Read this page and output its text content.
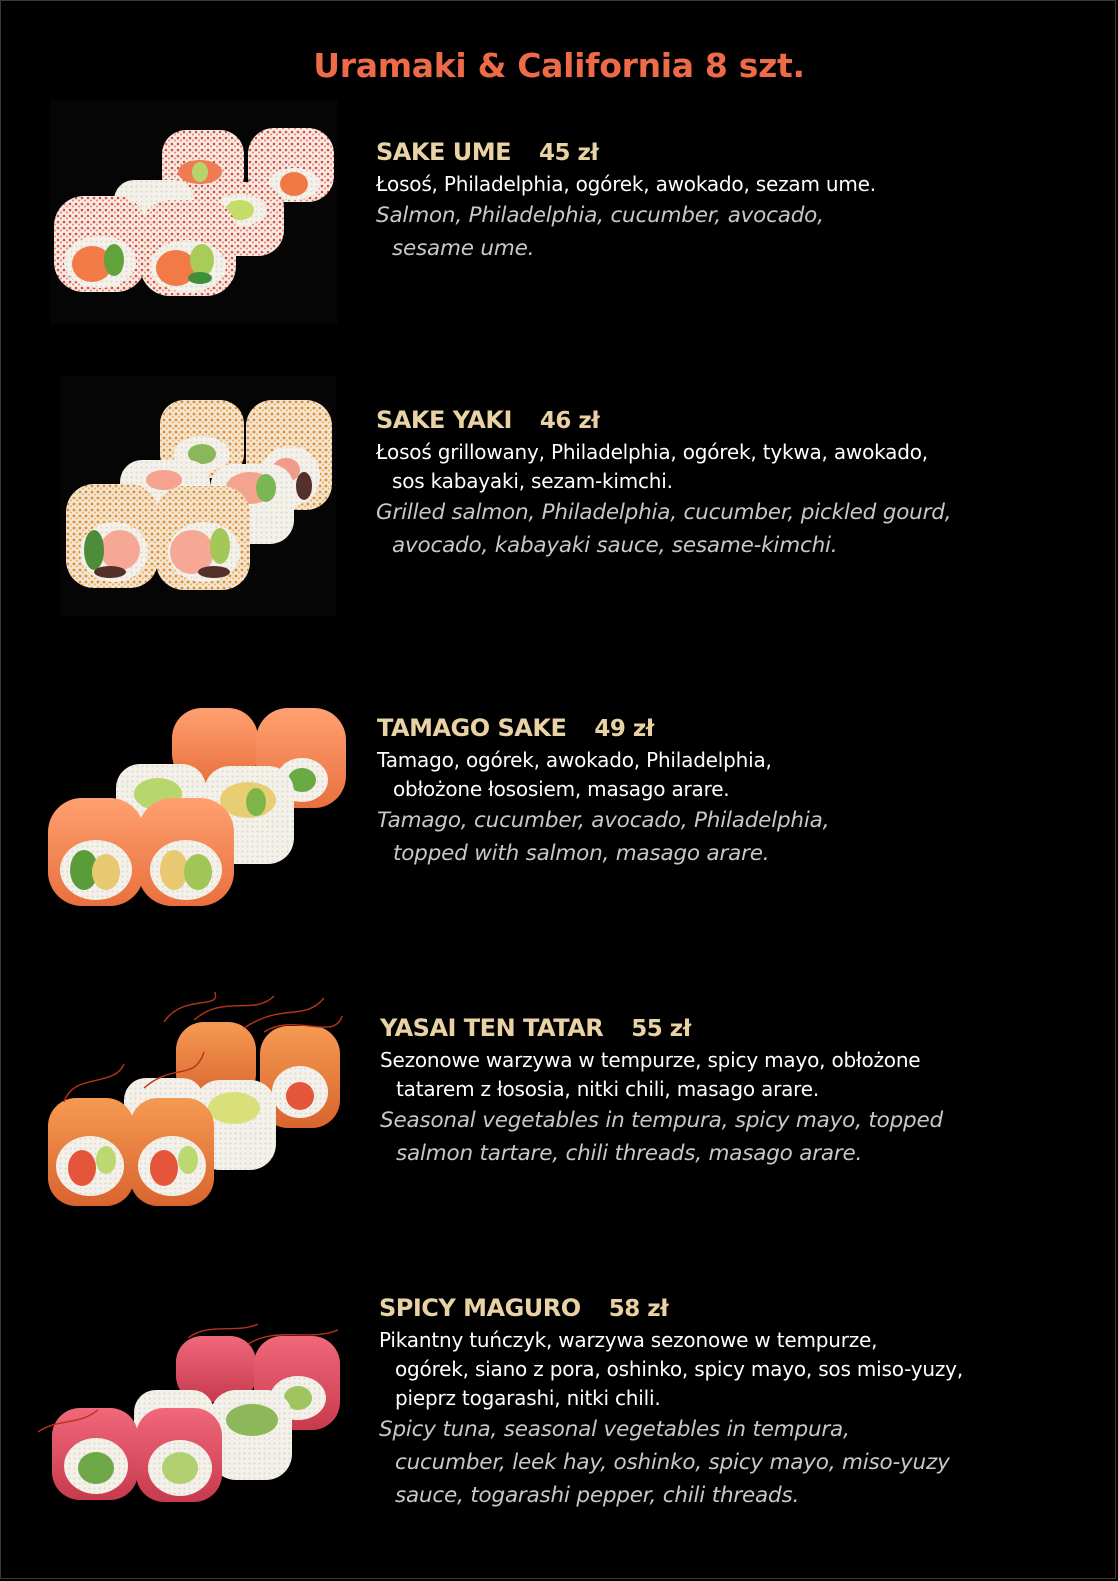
Uramaki & California 8 szt.
SAKE UME 45 zł
Łosoś, Philadelphia, ogórek, awokado, sezam ume.
Salmon, Philadelphia, cucumber, avocado,
sesame ume.
SAKE YAKI 46 zł
Łosoś grillowany, Philadelphia, ogórek, tykwa, awokado,
sos kabayaki, sezam-kimchi.
Grilled salmon, Philadelphia, cucumber, pickled gourd,
avocado, kabayaki sauce, sesame-kimchi.
TAMAGO SAKE 49 zł
Tamago, ogórek, awokado, Philadelphia,
obłożone łososiem, masago arare.
Tamago, cucumber, avocado, Philadelphia,
topped with salmon, masago arare.
YASAI TEN TATAR 55 zł
Sezonowe warzywa w tempurze, spicy mayo, obłożone
tatarem z łososia, nitki chili, masago arare.
Seasonal vegetables in tempura, spicy mayo, topped
salmon tartare, chili threads, masago arare.
SPICY MAGURO 58 zł
Pikantny tuńczyk, warzywa sezonowe w tempurze,
ogórek, siano z pora, oshinko, spicy mayo, sos miso-yuzy,
pieprz togarashi, nitki chili.
Spicy tuna, seasonal vegetables in tempura,
cucumber, leek hay, oshinko, spicy mayo, miso-yuzy
sauce, togarashi pepper, chili threads.
